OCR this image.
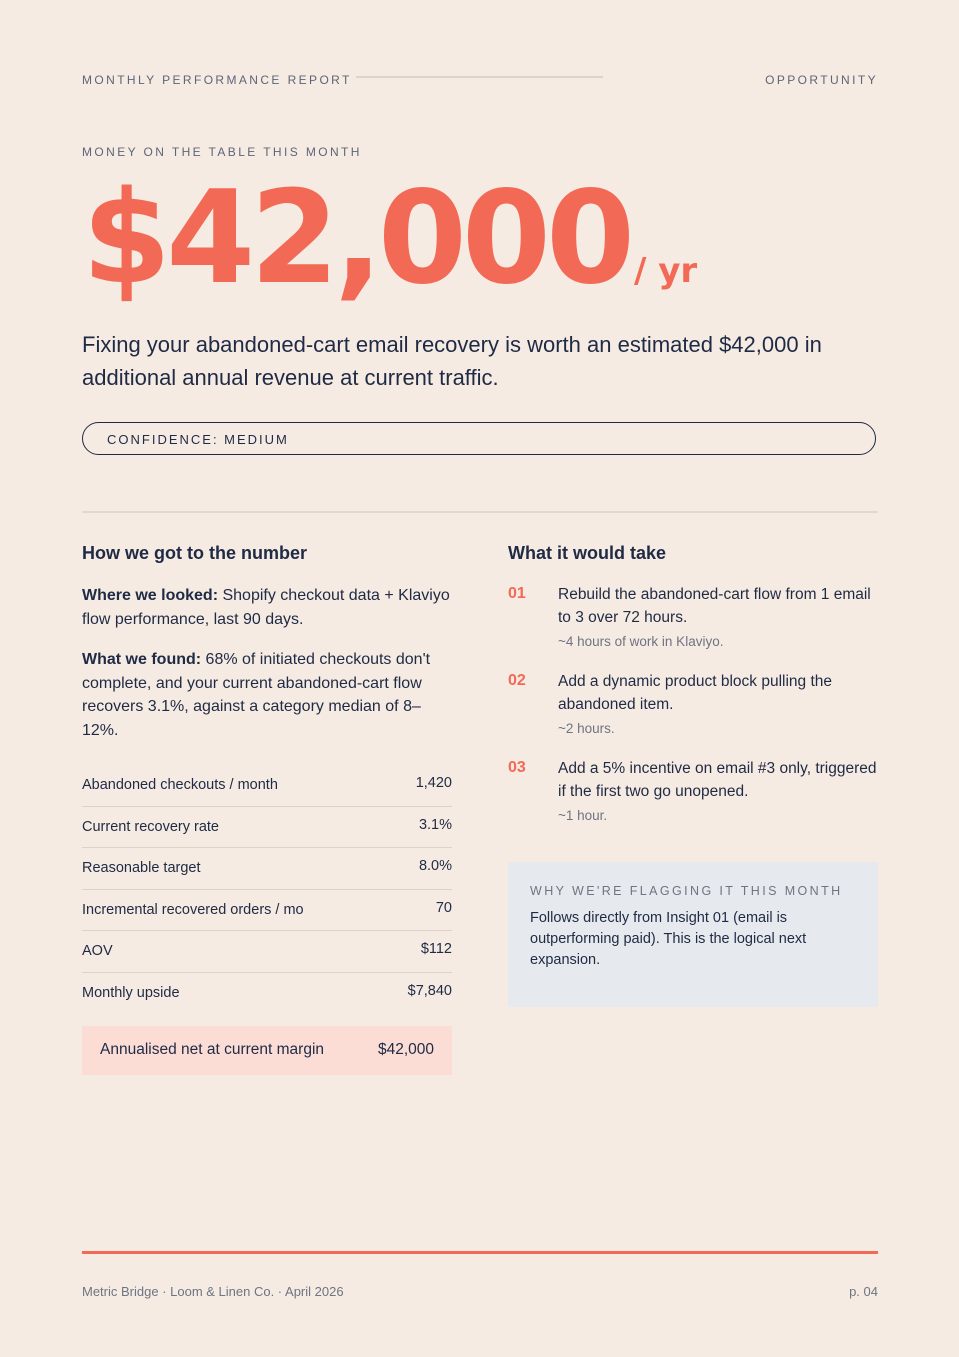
MONTHLY PERFORMANCE REPORT	OPPORTUNITY
MONEY ON THE TABLE THIS MONTH
$42,000 / yr
Fixing your abandoned-cart email recovery is worth an estimated $42,000 in additional annual revenue at current traffic.
CONFIDENCE: MEDIUM
How we got to the number
Where we looked: Shopify checkout data + Klaviyo flow performance, last 90 days.
What we found: 68% of initiated checkouts don't complete, and your current abandoned-cart flow recovers 3.1%, against a category median of 8–12%.
Abandoned checkouts / month	1,420
Current recovery rate	3.1%
Reasonable target	8.0%
Incremental recovered orders / mo	70
AOV	$112
Monthly upside	$7,840
Annualised net at current margin	$42,000
What it would take
01 Rebuild the abandoned-cart flow from 1 email to 3 over 72 hours.
~4 hours of work in Klaviyo.
02 Add a dynamic product block pulling the abandoned item.
~2 hours.
03 Add a 5% incentive on email #3 only, triggered if the first two go unopened.
~1 hour.
WHY WE'RE FLAGGING IT THIS MONTH
Follows directly from Insight 01 (email is outperforming paid). This is the logical next expansion.
Metric Bridge · Loom & Linen Co. · April 2026	p. 04
